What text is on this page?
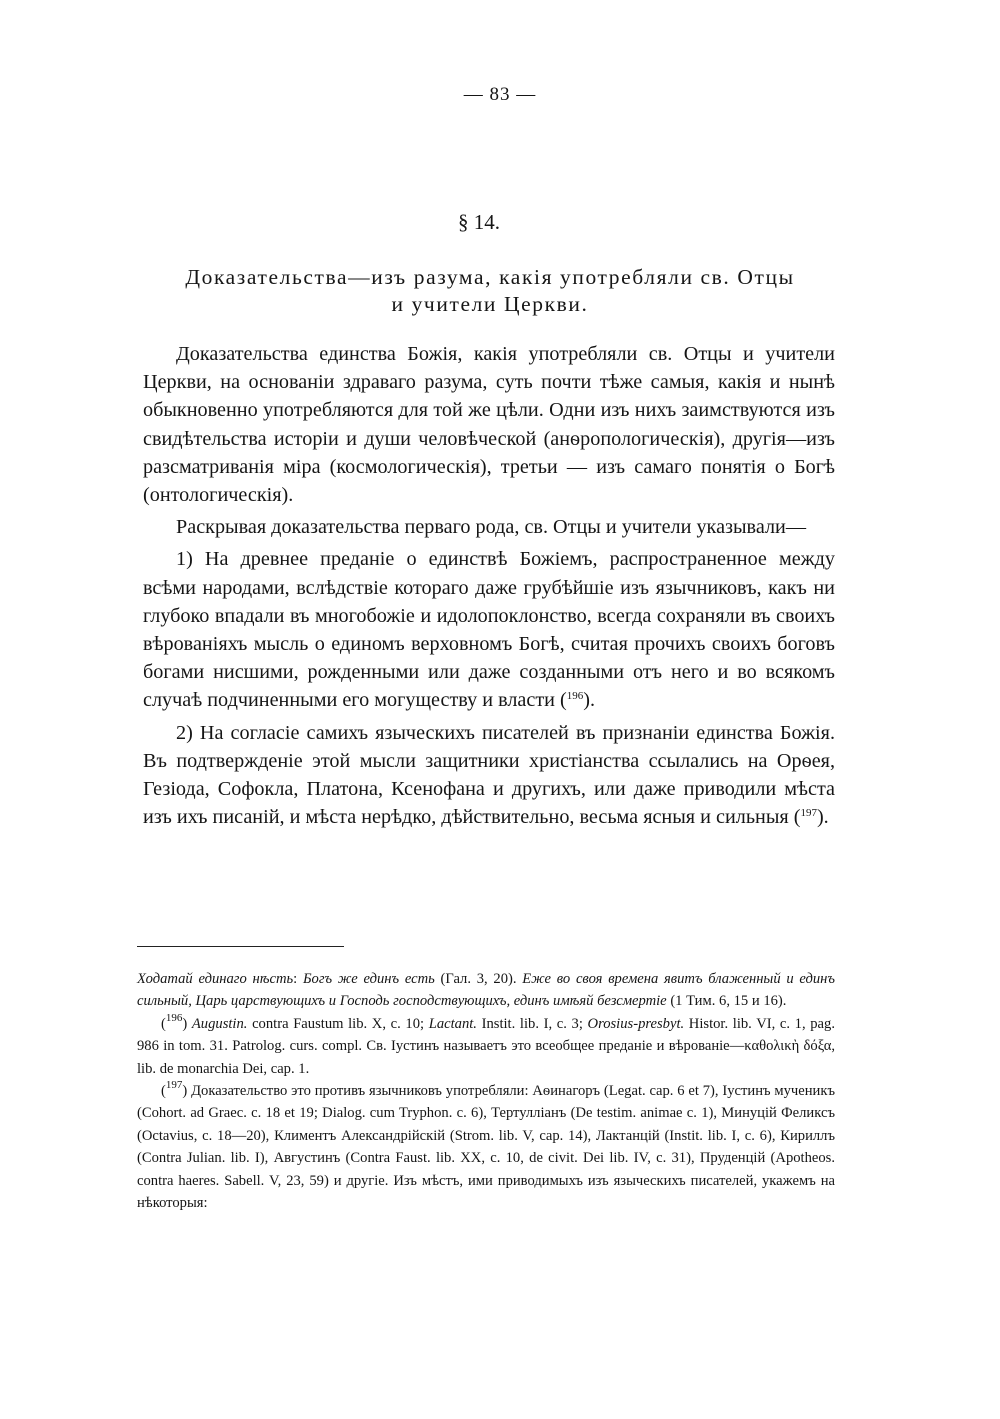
— 83 —
§ 14.
Доказательства—изъ разума, какія употребляли св. Отцы
и учители Церкви.

Доказательства единства Божія, какія употребляли св. Отцы и учители Церкви, на основаніи здраваго разума, суть почти тѣже самыя, какія и нынѣ обыкновенно употребляются для той же цѣли. Одни изъ нихъ заимствуются изъ свидѣтельства исторіи и души человѣческой (анѳропологическія), другія—изъ разсматриванія міра (космологическія), третьи — изъ самаго понятія о Богѣ (онтологическія).

Раскрывая доказательства перваго рода, св. Отцы и учители указывали—

1) На древнее преданіе о единствѣ Божіемъ, распространенное между всѣми народами, вслѣдствіе котораго даже грубѣйшіе изъ язычниковъ, какъ ни глубоко впадали въ многобожіе и идолопоклонство, всегда сохраняли въ своихъ вѣрованіяхъ мысль о единомъ верховномъ Богѣ, считая прочихъ своихъ боговъ богами нисшими, рожденными или даже созданными отъ него и во всякомъ случаѣ подчиненными его могуществу и власти ($^{196}$).

2) На согласіе самихъ языческихъ писателей въ признаніи единства Божія. Въ подтвержденіе этой мысли защитники христіанства ссылались на Орѳея, Гезіода, Софокла, Платона, Ксенофана и другихъ, или даже приводили мѣста изъ ихъ писаній, и мѣста нерѣдко, дѣйствительно, весьма ясныя и сильныя ($^{197}$).

Ходатай единаго нѣсть: Богъ же единъ есть (Гал. 3, 20). Еже во своя времена явитъ блаженный и единъ сильный, Царь царствующихъ и Господь господствующихъ, единъ имѣяй безсмертіе (1 Тим. 6, 15 и 16).

($^{196}$) Augustin. contra Faustum lib. X, c. 10; Lactant. Instit. lib. I, c. 3; Orosius-presbyt. Histor. lib. VI, c. 1, pag. 986 in tom. 31. Patrolog. curs. compl. Св. Іустинъ называетъ это всеобщее преданіе и вѣрованіе—καθολικὴ δόξα, lib. de monarchia Dei, cap. 1.

($^{197}$) Доказательство это противъ язычниковъ употребляли: Аѳинагоръ (Legat. cap. 6 et 7), Іустинъ мученикъ (Cohort. ad Graec. c. 18 et 19; Dialog. cum Tryphon. c. 6), Тертулліанъ (De testim. animae c. 1), Минуцій Феликсъ (Octavius, c. 18—20), Климентъ Александрійскій (Strom. lib. V, cap. 14), Лактанцій (Instit. lib. I, c. 6), Кириллъ (Contra Julian. lib. I), Августинъ (Contra Faust. lib. XX, c. 10, de civit. Dei lib. IV, c. 31), Пруденцій (Apotheos. contra haeres. Sabell. V, 23, 59) и другіе. Изъ мѣстъ, ими приводимыхъ изъ языческихъ писателей, укажемъ на нѣкоторыя:
